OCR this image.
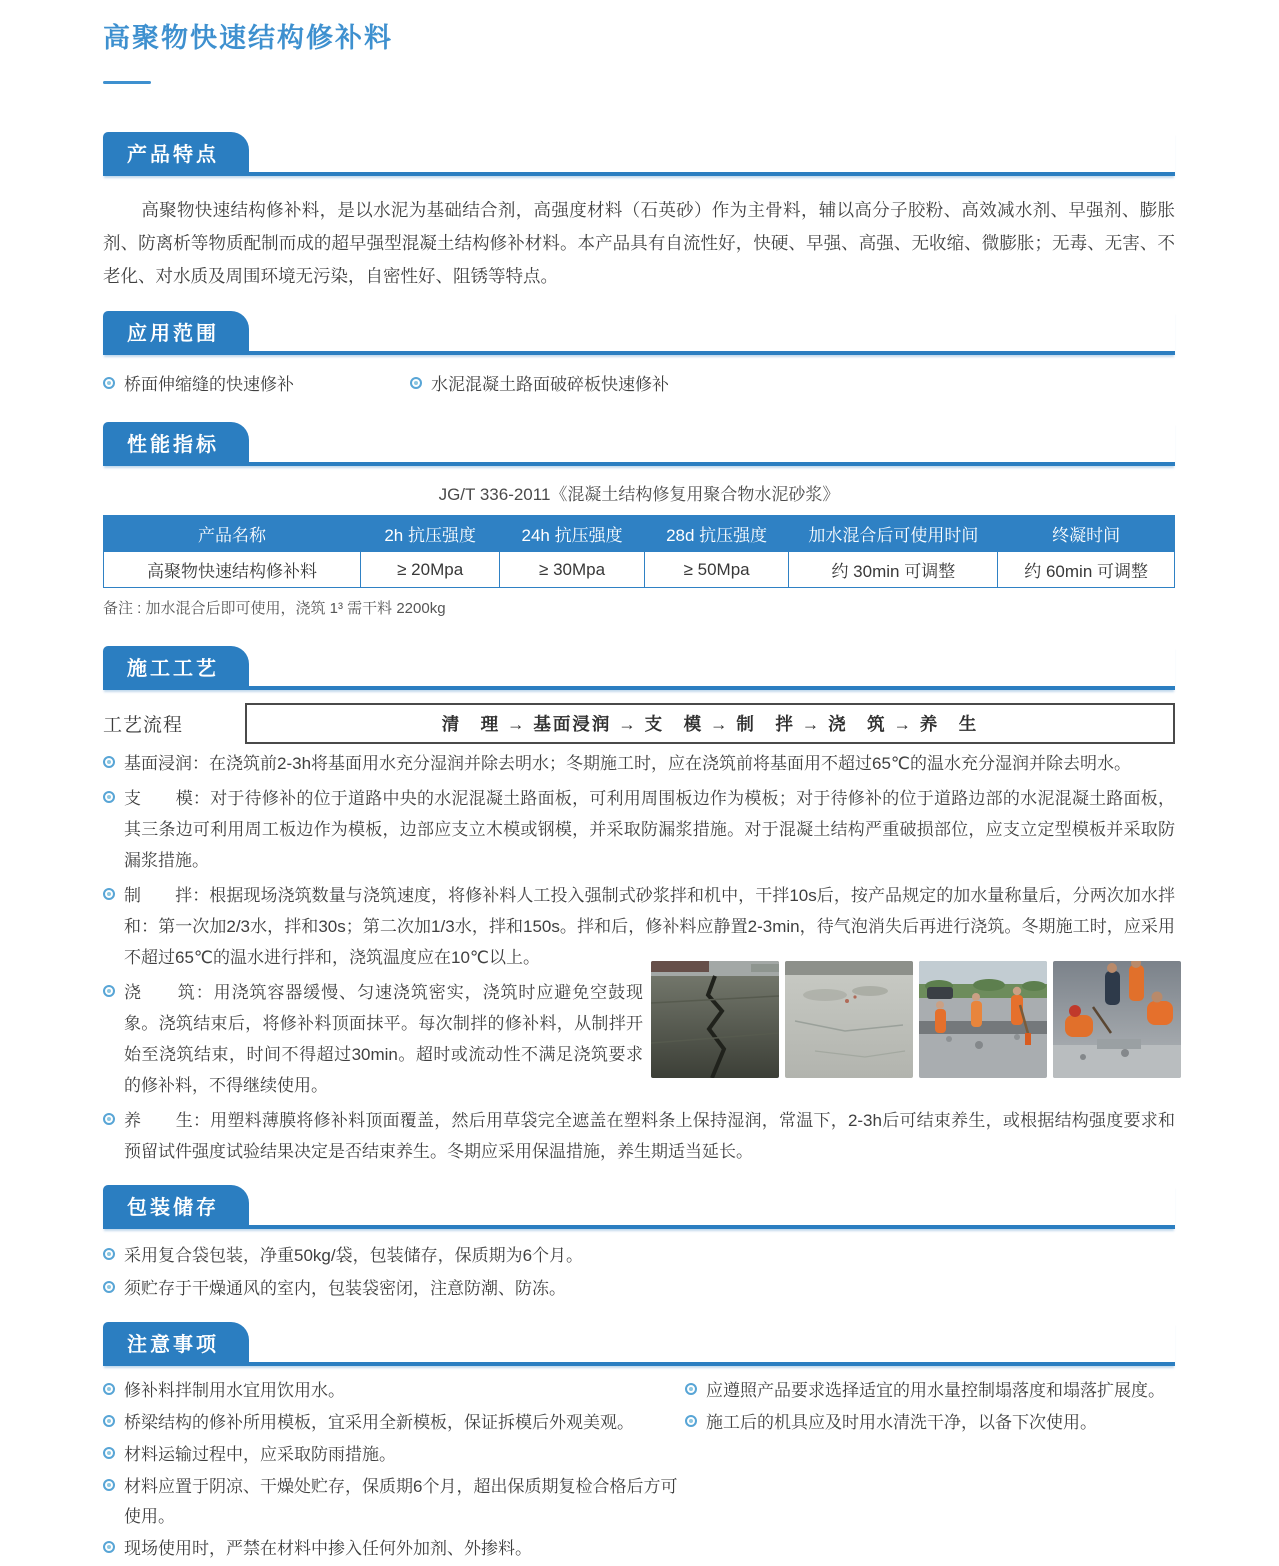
高聚物快速结构修补料
产品特点

高聚物快速结构修补料，是以水泥为基础结合剂，高强度材料（石英砂）作为主骨料，辅以高分子胶粉、高效减水剂、早强剂、膨胀剂、防离析等物质配制而成的超早强型混凝土结构修补材料。本产品具有自流性好，快硬、早强、高强、无收缩、微膨胀；无毒、无害、不老化、对水质及周围环境无污染，自密性好、阻锈等特点。

应用范围
桥面伸缩缝的快速修补	水泥混凝土路面破碎板快速修补
性能指标
JG/T 336-2011《混凝土结构修复用聚合物水泥砂浆》
产品名称	2h 抗压强度	24h 抗压强度	28d 抗压强度	加水混合后可使用时间	终凝时间
高聚物快速结构修补料	≥ 20Mpa	≥ 30Mpa	≥ 50Mpa	约 30min 可调整	约 60min 可调整
备注 : 加水混合后即可使用，浇筑 1³ 需干料 2200kg
施工工艺
工艺流程	清　理 → 基面浸润 → 支　模 → 制　拌 → 浇　筑 → 养　生
基面浸润：在浇筑前2-3h将基面用水充分湿润并除去明水；冬期施工时，应在浇筑前将基面用不超过65℃的温水充分湿润并除去明水。
支　　模：对于待修补的位于道路中央的水泥混凝土路面板，可利用周围板边作为模板；对于待修补的位于道路边部的水泥混凝土路面板，其三条边可利用周工板边作为模板，边部应支立木模或钢模，并采取防漏浆措施。对于混凝土结构严重破损部位，应支立定型模板并采取防漏浆措施。
制　　拌：根据现场浇筑数量与浇筑速度，将修补料人工投入强制式砂浆拌和机中，干拌10s后，按产品规定的加水量称量后，分两次加水拌和：第一次加2/3水，拌和30s；第二次加1/3水，拌和150s。拌和后，修补料应静置2-3min，待气泡消失后再进行浇筑。冬期施工时，应采用不超过65℃的温水进行拌和，浇筑温度应在10℃以上。
浇　　筑：用浇筑容器缓慢、匀速浇筑密实，浇筑时应避免空鼓现象。浇筑结束后，将修补料顶面抹平。每次制拌的修补料，从制拌开始至浇筑结束，时间不得超过30min。超时或流动性不满足浇筑要求的修补料，不得继续使用。
养　　生：用塑料薄膜将修补料顶面覆盖，然后用草袋完全遮盖在塑料条上保持湿润，常温下，2-3h后可结束养生，或根据结构强度要求和预留试件强度试验结果决定是否结束养生。冬期应采用保温措施，养生期适当延长。
包装储存
采用复合袋包装，净重50kg/袋，包装储存，保质期为6个月。
须贮存于干燥通风的室内，包装袋密闭，注意防潮、防冻。
注意事项
修补料拌制用水宜用饮用水。
桥梁结构的修补所用模板，宜采用全新模板，保证拆模后外观美观。
材料运输过程中，应采取防雨措施。
材料应置于阴凉、干燥处贮存，保质期6个月，超出保质期复检合格后方可使用。
现场使用时，严禁在材料中掺入任何外加剂、外掺料。
应遵照产品要求选择适宜的用水量控制塌落度和塌落扩展度。
施工后的机具应及时用水清洗干净，以备下次使用。
